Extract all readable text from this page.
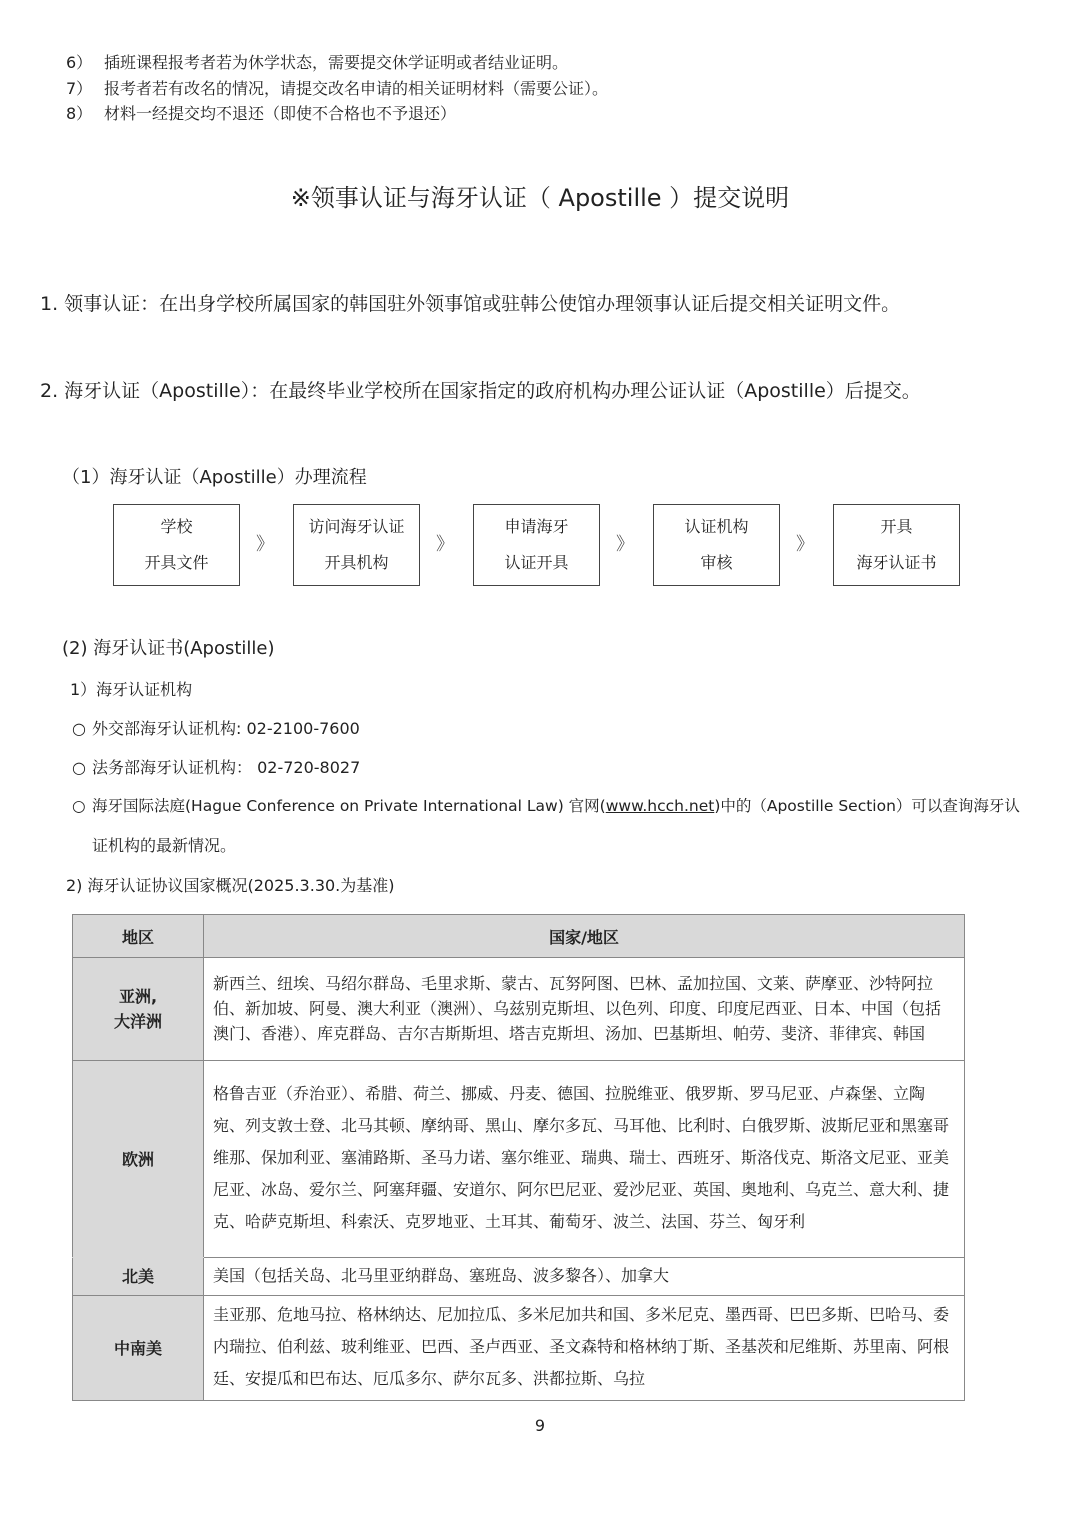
6） 插班课程报考者若为休学状态，需要提交休学证明或者结业证明。
7） 报考者若有改名的情况，请提交改名申请的相关证明材料（需要公证）。
8） 材料一经提交均不退还（即使不合格也不予退还）
※领事认证与海牙认证（ Apostille ）提交说明
1. 领事认证：在出身学校所属国家的韩国驻外领事馆或驻韩公使馆办理领事认证后提交相关证明文件。
2. 海牙认证（Apostille）：在最终毕业学校所在国家指定的政府机构办理公证认证（Apostille）后提交。
（1）海牙认证（Apostille）办理流程
学校
开具文件
》
访问海牙认证
开具机构
》
申请海牙
认证开具
》
认证机构
审核
》
开具
海牙认证书
(2) 海牙认证书(Apostille)
1）海牙认证机构
○ 外交部海牙认证机构: 02-2100-7600
○ 法务部海牙认证机构： 02-720-8027
○ 海牙国际法庭(Hague Conference on Private International Law) 官网(www.hcch.net)中的（Apostille Section）可以查询海牙认
证机构的最新情况。
2) 海牙认证协议国家概况(2025.3.30.为基准)
地区	国家/地区

亚洲,
大洋洲	新西兰、纽埃、马绍尔群岛、毛里求斯、蒙古、瓦努阿图、巴林、孟加拉国、文莱、萨摩亚、沙特阿拉伯、新加坡、阿曼、澳大利亚（澳洲）、乌兹别克斯坦、以色列、印度、印度尼西亚、日本、中国（包括澳门、香港）、库克群岛、吉尔吉斯斯坦、塔吉克斯坦、汤加、巴基斯坦、帕劳、斐济、菲律宾、韩国

欧洲	格鲁吉亚（乔治亚）、希腊、荷兰、挪威、丹麦、德国、拉脱维亚、俄罗斯、罗马尼亚、卢森堡、立陶宛、列支敦士登、北马其顿、摩纳哥、黑山、摩尔多瓦、马耳他、比利时、白俄罗斯、波斯尼亚和黑塞哥维那、保加利亚、塞浦路斯、圣马力诺、塞尔维亚、瑞典、瑞士、西班牙、斯洛伐克、斯洛文尼亚、亚美尼亚、冰岛、爱尔兰、阿塞拜疆、安道尔、阿尔巴尼亚、爱沙尼亚、英国、奥地利、乌克兰、意大利、捷克、哈萨克斯坦、科索沃、克罗地亚、土耳其、葡萄牙、波兰、法国、芬兰、匈牙利

北美	美国（包括关岛、北马里亚纳群岛、塞班岛、波多黎各）、加拿大

中南美	圭亚那、危地马拉、格林纳达、尼加拉瓜、多米尼加共和国、多米尼克、墨西哥、巴巴多斯、巴哈马、委内瑞拉、伯利兹、玻利维亚、巴西、圣卢西亚、圣文森特和格林纳丁斯、圣基茨和尼维斯、苏里南、阿根廷、安提瓜和巴布达、厄瓜多尔、萨尔瓦多、洪都拉斯、乌拉
9
